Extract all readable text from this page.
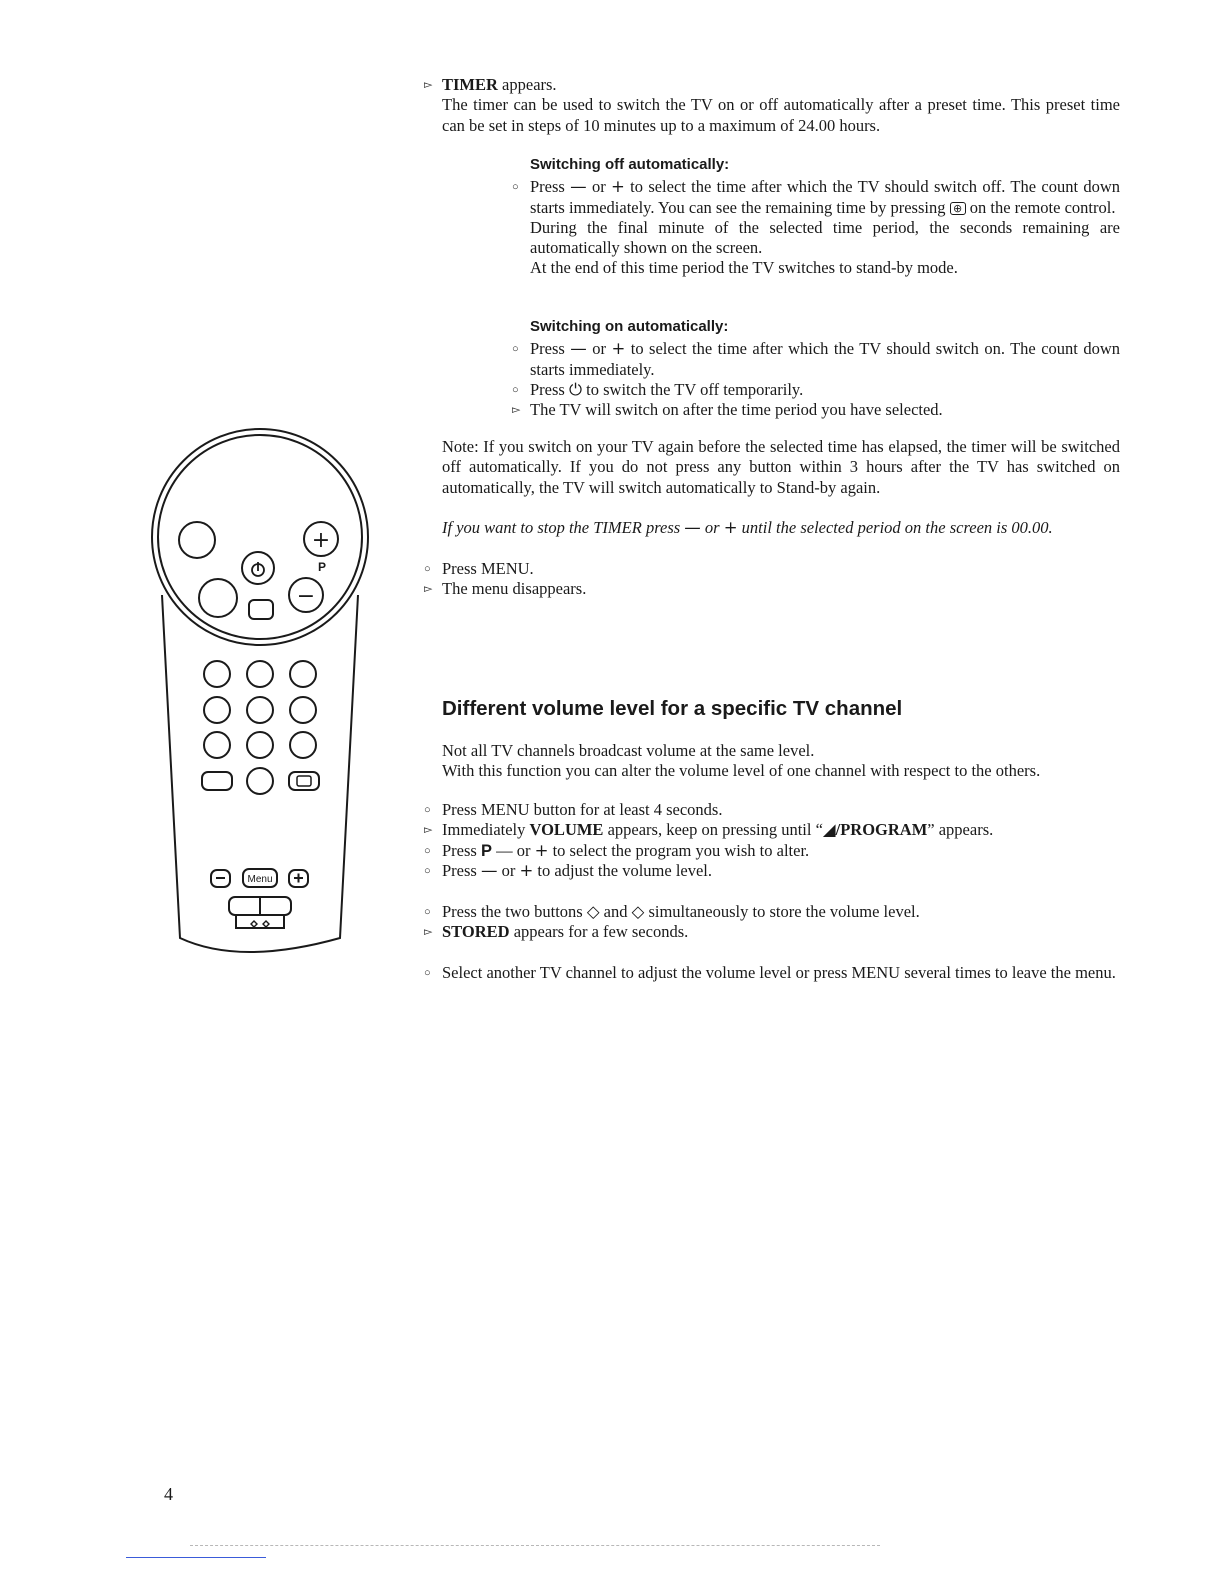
+
P
−
Menu
▻ TIMER appears.
The timer can be used to switch the TV on or off automatically after a preset time. This preset time can be set in steps of 10 minutes up to a maximum of 24.00 hours.
Switching off automatically:
○ Press — or + to select the time after which the TV should switch off. The count down starts immediately. You can see the remaining time by pressing ⊕ on the remote control.
During the final minute of the selected time period, the seconds remaining are automatically shown on the screen.
At the end of this time period the TV switches to stand-by mode.
Switching on automatically:
○ Press — or + to select the time after which the TV should switch on. The count down starts immediately.
○ Press ⏻ to switch the TV off temporarily.
▻ The TV will switch on after the time period you have selected.
Note: If you switch on your TV again before the selected time has elapsed, the timer will be switched off automatically. If you do not press any button within 3 hours after the TV has switched on automatically, the TV will switch automatically to Stand-by again.
If you want to stop the TIMER press — or + until the selected period on the screen is 00.00.
○ Press MENU.
▻ The menu disappears.
Different volume level for a specific TV channel
Not all TV channels broadcast volume at the same level.
With this function you can alter the volume level of one channel with respect to the others.
○ Press MENU button for at least 4 seconds.
▻ Immediately VOLUME appears, keep on pressing until “◢/PROGRAM” appears.
○ Press P — or + to select the program you wish to alter.
○ Press — or + to adjust the volume level.
○ Press the two buttons ◇ and ◇ simultaneously to store the volume level.
▻ STORED appears for a few seconds.
○ Select another TV channel to adjust the volume level or press MENU several times to leave the menu.
4
